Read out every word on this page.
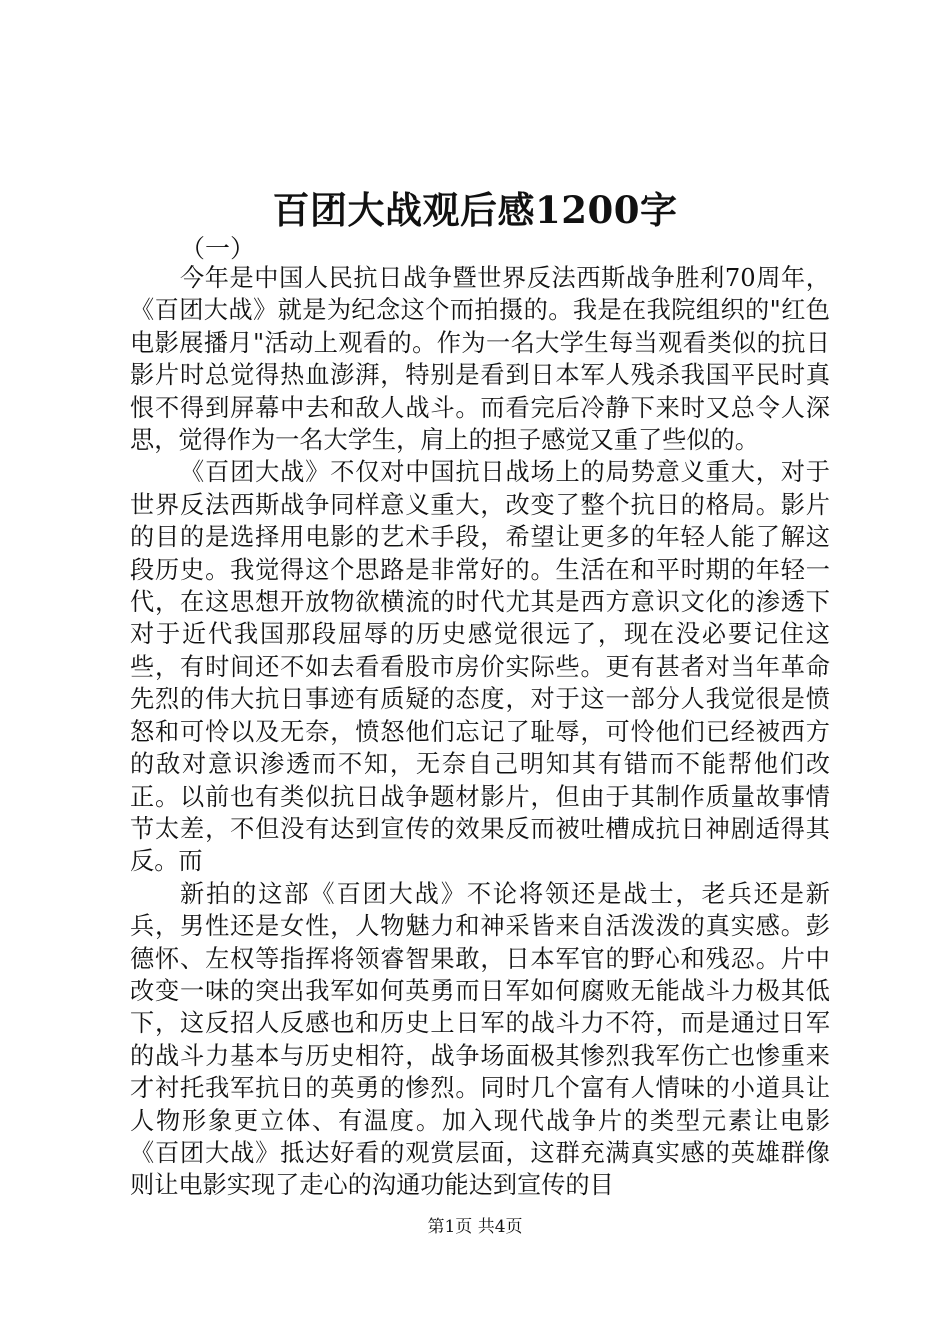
百团大战观后感1200字

（一）

今年是中国人民抗日战争暨世界反法西斯战争胜利70周年，《百团大战》就是为纪念这个而拍摄的。我是在我院组织的"红色电影展播月"活动上观看的。作为一名大学生每当观看类似的抗日影片时总觉得热血澎湃，特别是看到日本军人残杀我国平民时真恨不得到屏幕中去和敌人战斗。而看完后冷静下来时又总令人深思，觉得作为一名大学生，肩上的担子感觉又重了些似的。

《百团大战》不仅对中国抗日战场上的局势意义重大，对于世界反法西斯战争同样意义重大，改变了整个抗日的格局。影片的目的是选择用电影的艺术手段，希望让更多的年轻人能了解这段历史。我觉得这个思路是非常好的。生活在和平时期的年轻一代，在这思想开放物欲横流的时代尤其是西方意识文化的渗透下对于近代我国那段屈辱的历史感觉很远了，现在没必要记住这些，有时间还不如去看看股市房价实际些。更有甚者对当年革命先烈的伟大抗日事迹有质疑的态度，对于这一部分人我觉很是愤怒和可怜以及无奈，愤怒他们忘记了耻辱，可怜他们已经被西方的敌对意识渗透而不知，无奈自己明知其有错而不能帮他们改正。以前也有类似抗日战争题材影片，但由于其制作质量故事情节太差，不但没有达到宣传的效果反而被吐槽成抗日神剧适得其反。而

新拍的这部《百团大战》不论将领还是战士，老兵还是新兵，男性还是女性，人物魅力和神采皆来自活泼泼的真实感。彭德怀、左权等指挥将领睿智果敢，日本军官的野心和残忍。片中改变一味的突出我军如何英勇而日军如何腐败无能战斗力极其低下，这反招人反感也和历史上日军的战斗力不符，而是通过日军的战斗力基本与历史相符，战争场面极其惨烈我军伤亡也惨重来才衬托我军抗日的英勇的惨烈。同时几个富有人情味的小道具让人物形象更立体、有温度。加入现代战争片的类型元素让电影《百团大战》抵达好看的观赏层面，这群充满真实感的英雄群像则让电影实现了走心的沟通功能达到宣传的目

第1页 共4页
